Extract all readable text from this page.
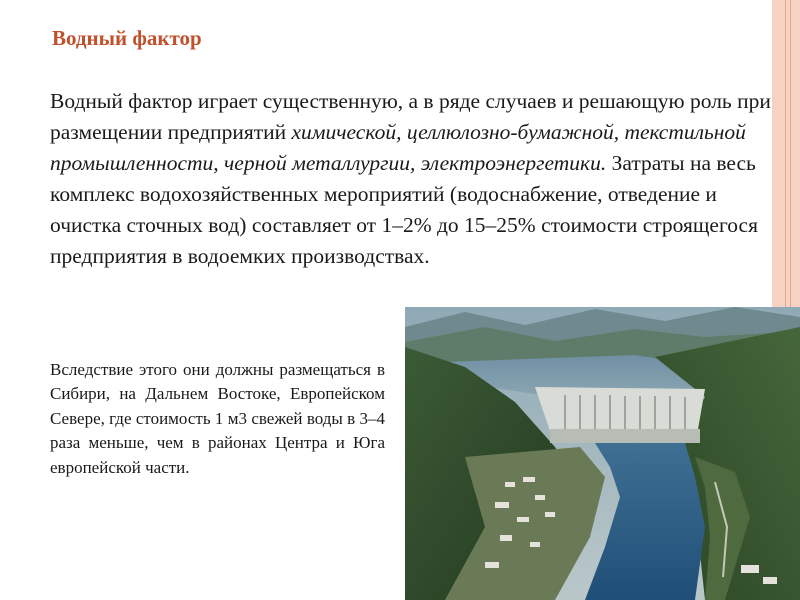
Водный фактор
Водный фактор играет существенную, а в ряде случаев и решающую роль при размещении предприятий химической, целлюлозно-бумажной, текстильной промышленности, черной металлургии, электроэнергетики. Затраты на весь комплекс водохозяйственных мероприятий (водоснабжение, отведение и очистка сточных вод) составляет от 1–2% до 15–25% стоимости строящегося предприятия в водоемких производствах.
Вследствие этого они должны размещаться в Сибири, на Дальнем Востоке, Европейском Севере, где стоимость 1 м3 свежей воды в 3–4 раза меньше, чем в районах Центра и Юга европейской части.
